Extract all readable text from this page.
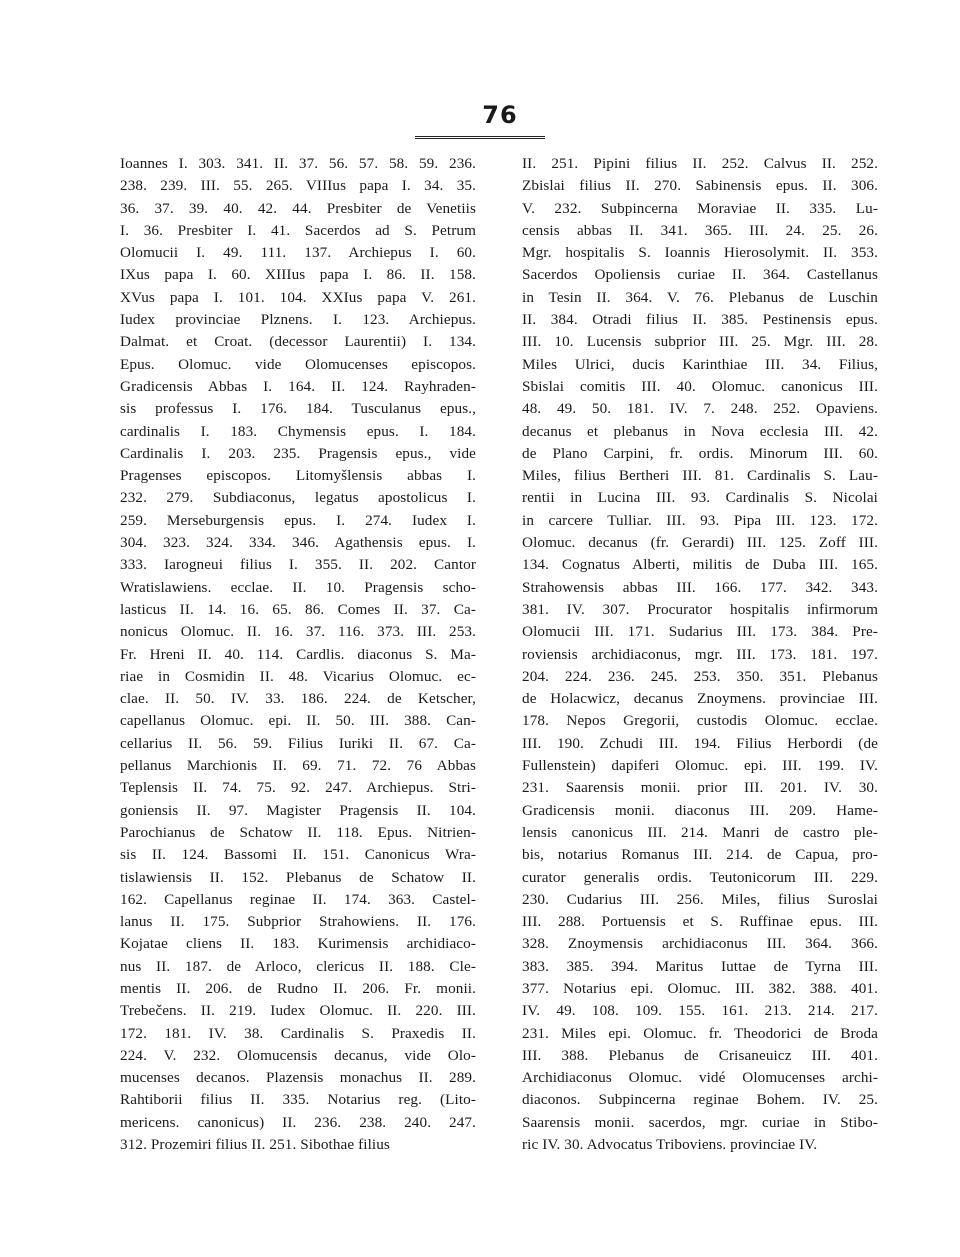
76
Ioannes I. 303. 341. II. 37. 56. 57. 58. 59. 236.
238. 239. III. 55. 265. VIIIus papa I. 34. 35.
36. 37. 39. 40. 42. 44. Presbiter de Venetiis
I. 36. Presbiter I. 41. Sacerdos ad S. Petrum
Olomucii I. 49. 111. 137. Archiepus I. 60.
IXus papa I. 60. XIIIus papa I. 86. II. 158.
XVus papa I. 101. 104. XXIus papa V. 261.
Iudex provinciae Plznens. I. 123. Archiepus.
Dalmat. et Croat. (decessor Laurentii) I. 134.
Epus. Olomuc. vide Olomucenses episcopos.
Gradicensis Abbas I. 164. II. 124. Rayhraden-
sis professus I. 176. 184. Tusculanus epus.,
cardinalis I. 183. Chymensis epus. I. 184.
Cardinalis I. 203. 235. Pragensis epus., vide
Pragenses episcopos. Litomyšlensis abbas I.
232. 279. Subdiaconus, legatus apostolicus I.
259. Merseburgensis epus. I. 274. Iudex I.
304. 323. 324. 334. 346. Agathensis epus. I.
333. Iarogneui filius I. 355. II. 202. Cantor
Wratislawiens. ecclae. II. 10. Pragensis scho-
lasticus II. 14. 16. 65. 86. Comes II. 37. Ca-
nonicus Olomuc. II. 16. 37. 116. 373. III. 253.
Fr. Hreni II. 40. 114. Cardlis. diaconus S. Ma-
riae in Cosmidin II. 48. Vicarius Olomuc. ec-
clae. II. 50. IV. 33. 186. 224. de Ketscher,
capellanus Olomuc. epi. II. 50. III. 388. Can-
cellarius II. 56. 59. Filius Iuriki II. 67. Ca-
pellanus Marchionis II. 69. 71. 72. 76 Abbas
Teplensis II. 74. 75. 92. 247. Archiepus. Stri-
goniensis II. 97. Magister Pragensis II. 104.
Parochianus de Schatow II. 118. Epus. Nitrien-
sis II. 124. Bassomi II. 151. Canonicus Wra-
tislawiensis II. 152. Plebanus de Schatow II.
162. Capellanus reginae II. 174. 363. Castel-
lanus II. 175. Subprior Strahowiens. II. 176.
Kojatae cliens II. 183. Kurimensis archidiaco-
nus II. 187. de Arloco, clericus II. 188. Cle-
mentis II. 206. de Rudno II. 206. Fr. monii.
Trebečens. II. 219. Iudex Olomuc. II. 220. III.
172. 181. IV. 38. Cardinalis S. Praxedis II.
224. V. 232. Olomucensis decanus, vide Olo-
mucenses decanos. Plazensis monachus II. 289.
Rahtiborii filius II. 335. Notarius reg. (Lito-
mericens. canonicus) II. 236. 238. 240. 247.
312. Prozemiri filius II. 251. Sibothae filius
II. 251. Pipini filius II. 252. Calvus II. 252.
Zbislai filius II. 270. Sabinensis epus. II. 306.
V. 232. Subpincerna Moraviae II. 335. Lu-
censis abbas II. 341. 365. III. 24. 25. 26.
Mgr. hospitalis S. Ioannis Hierosolymit. II. 353.
Sacerdos Opoliensis curiae II. 364. Castellanus
in Tesin II. 364. V. 76. Plebanus de Luschin
II. 384. Otradi filius II. 385. Pestinensis epus.
III. 10. Lucensis subprior III. 25. Mgr. III. 28.
Miles Ulrici, ducis Karinthiae III. 34. Filius,
Sbislai comitis III. 40. Olomuc. canonicus III.
48. 49. 50. 181. IV. 7. 248. 252. Opaviens.
decanus et plebanus in Nova ecclesia III. 42.
de Plano Carpini, fr. ordis. Minorum III. 60.
Miles, filius Bertheri III. 81. Cardinalis S. Lau-
rentii in Lucina III. 93. Cardinalis S. Nicolai
in carcere Tulliar. III. 93. Pipa III. 123. 172.
Olomuc. decanus (fr. Gerardi) III. 125. Zoff III.
134. Cognatus Alberti, militis de Duba III. 165.
Strahowensis abbas III. 166. 177. 342. 343.
381. IV. 307. Procurator hospitalis infirmorum
Olomucii III. 171. Sudarius III. 173. 384. Pre-
roviensis archidiaconus, mgr. III. 173. 181. 197.
204. 224. 236. 245. 253. 350. 351. Plebanus
de Holacwicz, decanus Znoymens. provinciae III.
178. Nepos Gregorii, custodis Olomuc. ecclae.
III. 190. Zchudi III. 194. Filius Herbordi (de
Fullenstein) dapiferi Olomuc. epi. III. 199. IV.
231. Saarensis monii. prior III. 201. IV. 30.
Gradicensis monii. diaconus III. 209. Hame-
lensis canonicus III. 214. Manri de castro ple-
bis, notarius Romanus III. 214. de Capua, pro-
curator generalis ordis. Teutonicorum III. 229.
230. Cudarius III. 256. Miles, filius Suroslai
III. 288. Portuensis et S. Ruffinae epus. III.
328. Znoymensis archidiaconus III. 364. 366.
383. 385. 394. Maritus Iuttae de Tyrna III.
377. Notarius epi. Olomuc. III. 382. 388. 401.
IV. 49. 108. 109. 155. 161. 213. 214. 217.
231. Miles epi. Olomuc. fr. Theodorici de Broda
III. 388. Plebanus de Crisaneuicz III. 401.
Archidiaconus Olomuc. vidé Olomucenses archi-
diaconos. Subpincerna reginae Bohem. IV. 25.
Saarensis monii. sacerdos, mgr. curiae in Stibo-
ric IV. 30. Advocatus Triboviens. provinciae IV.
